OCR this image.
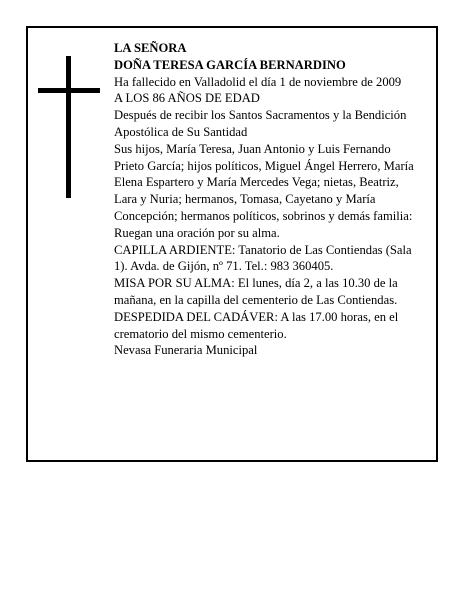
LA SEÑORA

DOÑA TERESA GARCÍA BERNARDINO

Ha fallecido en Valladolid el día 1 de noviembre de 2009

A LOS 86 AÑOS DE EDAD

Después de recibir los Santos Sacramentos y la Bendición Apostólica de Su Santidad

Sus hijos, María Teresa, Juan Antonio y Luis Fernando Prieto García; hijos políticos, Miguel Ángel Herrero, María Elena Espartero y María Mercedes Vega; nietas, Beatriz, Lara y Nuria; hermanos, Tomasa, Cayetano y María Concepción; hermanos políticos, sobrinos y demás familia:

Ruegan una oración por su alma.

CAPILLA ARDIENTE: Tanatorio de Las Contiendas (Sala 1). Avda. de Gijón, nº 71. Tel.: 983 360405.

MISA POR SU ALMA: El lunes, día 2, a las 10.30 de la mañana, en la capilla del cementerio de Las Contiendas.

DESPEDIDA DEL CADÁVER: A las 17.00 horas, en el crematorio del mismo cementerio.

Nevasa Funeraria Municipal
